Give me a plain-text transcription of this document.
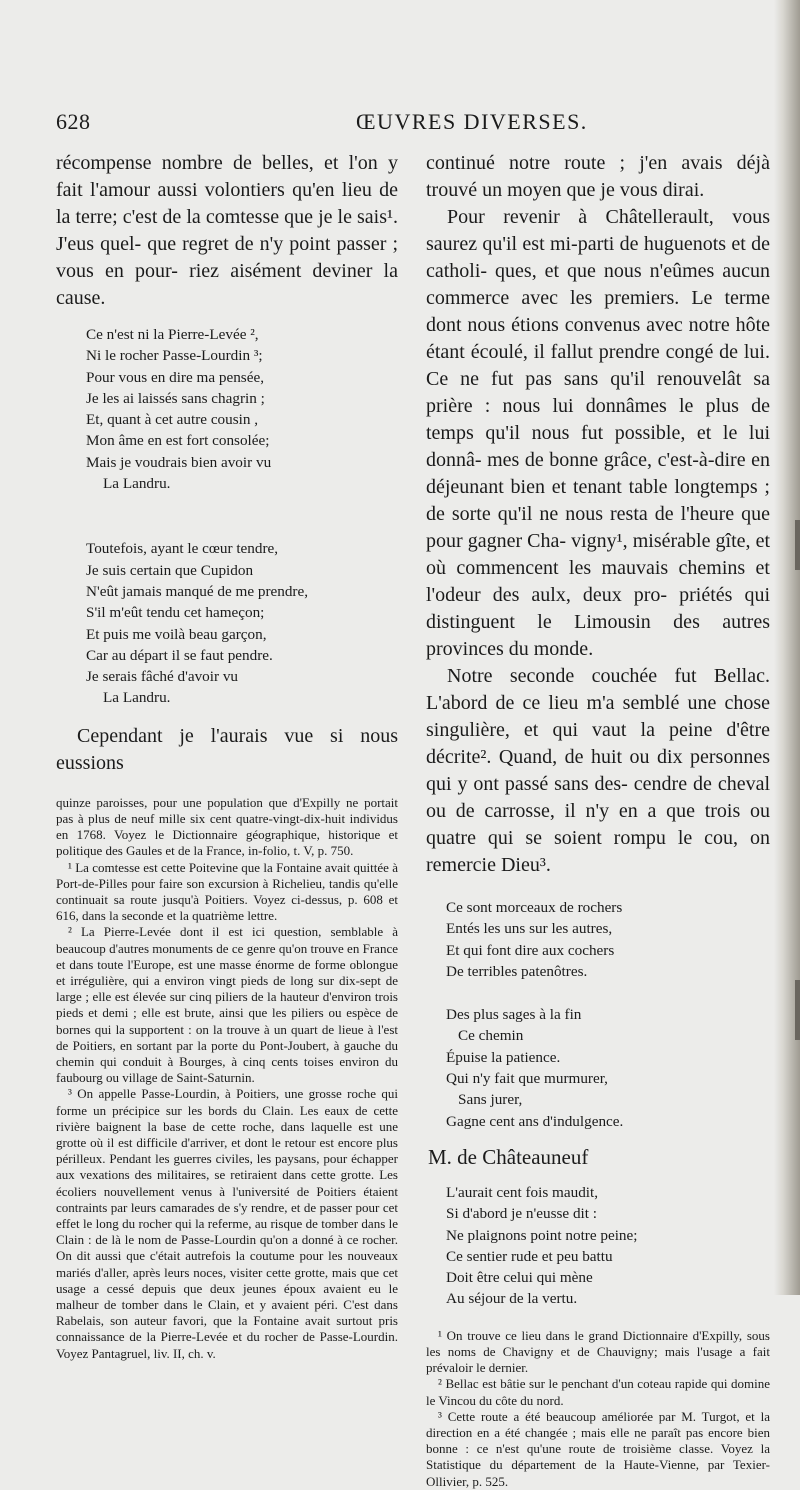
628	ŒUVRES DIVERSES.

récompense nombre de belles, et l'on y fait l'amour aussi volontiers qu'en lieu de la terre; c'est de la comtesse que je le sais¹. J'eus quel- que regret de n'y point passer ; vous en pour- riez aisément deviner la cause.

Ce n'est ni la Pierre-Levée ²,
Ni le rocher Passe-Lourdin ³;
Pour vous en dire ma pensée,
Je les ai laissés sans chagrin ;
Et, quant à cet autre cousin ,
Mon âme en est fort consolée;
Mais je voudrais bien avoir vu
La Landru.
Toutefois, ayant le cœur tendre,
Je suis certain que Cupidon
N'eût jamais manqué de me prendre,
S'il m'eût tendu cet hameçon;
Et puis me voilà beau garçon,
Car au départ il se faut pendre.
Je serais fâché d'avoir vu
La Landru.

Cependant je l'aurais vue si nous eussions

quinze paroisses, pour une population que d'Expilly ne portait pas à plus de neuf mille six cent quatre-vingt-dix-huit individus en 1768. Voyez le Dictionnaire géographique, historique et politique des Gaules et de la France, in-folio, t. V, p. 750.

¹ La comtesse est cette Poitevine que la Fontaine avait quittée à Port-de-Pilles pour faire son excursion à Richelieu, tandis qu'elle continuait sa route jusqu'à Poitiers. Voyez ci-dessus, p. 608 et 616, dans la seconde et la quatrième lettre.

² La Pierre-Levée dont il est ici question, semblable à beaucoup d'autres monuments de ce genre qu'on trouve en France et dans toute l'Europe, est une masse énorme de forme oblongue et irrégulière, qui a environ vingt pieds de long sur dix-sept de large ; elle est élevée sur cinq piliers de la hauteur d'environ trois pieds et demi ; elle est brute, ainsi que les piliers ou espèce de bornes qui la supportent : on la trouve à un quart de lieue à l'est de Poitiers, en sortant par la porte du Pont-Joubert, à gauche du chemin qui conduit à Bourges, à cinq cents toises environ du faubourg ou village de Saint-Saturnin.

³ On appelle Passe-Lourdin, à Poitiers, une grosse roche qui forme un précipice sur les bords du Clain. Les eaux de cette rivière baignent la base de cette roche, dans laquelle est une grotte où il est difficile d'arriver, et dont le retour est encore plus périlleux. Pendant les guerres civiles, les paysans, pour échapper aux vexations des militaires, se retiraient dans cette grotte. Les écoliers nouvellement venus à l'université de Poitiers étaient contraints par leurs camarades de s'y rendre, et de passer pour cet effet le long du rocher qui la referme, au risque de tomber dans le Clain : de là le nom de Passe-Lourdin qu'on a donné à ce rocher. On dit aussi que c'était autrefois la coutume pour les nouveaux mariés d'aller, après leurs noces, visiter cette grotte, mais que cet usage a cessé depuis que deux jeunes époux avaient eu le malheur de tomber dans le Clain, et y avaient péri. C'est dans Rabelais, son auteur favori, que la Fontaine avait surtout pris connaissance de la Pierre-Levée et du rocher de Passe-Lourdin. Voyez Pantagruel, liv. II, ch. v.

continué notre route ; j'en avais déjà trouvé un moyen que je vous dirai.

Pour revenir à Châtellerault, vous saurez qu'il est mi-parti de huguenots et de catholi- ques, et que nous n'eûmes aucun commerce avec les premiers. Le terme dont nous étions convenus avec notre hôte étant écoulé, il fallut prendre congé de lui. Ce ne fut pas sans qu'il renouvelât sa prière : nous lui donnâmes le plus de temps qu'il nous fut possible, et le lui donnâ- mes de bonne grâce, c'est-à-dire en déjeunant bien et tenant table longtemps ; de sorte qu'il ne nous resta de l'heure que pour gagner Cha- vigny¹, misérable gîte, et où commencent les mauvais chemins et l'odeur des aulx, deux pro- priétés qui distinguent le Limousin des autres provinces du monde.

Notre seconde couchée fut Bellac. L'abord de ce lieu m'a semblé une chose singulière, et qui vaut la peine d'être décrite². Quand, de huit ou dix personnes qui y ont passé sans des- cendre de cheval ou de carrosse, il n'y en a que trois ou quatre qui se soient rompu le cou, on remercie Dieu³.

Ce sont morceaux de rochers
Entés les uns sur les autres,
Et qui font dire aux cochers
De terribles patenôtres.
Des plus sages à la fin
Ce chemin
Épuise la patience.
Qui n'y fait que murmurer,
Sans jurer,
Gagne cent ans d'indulgence.

M. de Châteauneuf

L'aurait cent fois maudit,
Si d'abord je n'eusse dit :
Ne plaignons point notre peine;
Ce sentier rude et peu battu
Doit être celui qui mène
Au séjour de la vertu.

¹ On trouve ce lieu dans le grand Dictionnaire d'Expilly, sous les noms de Chavigny et de Chauvigny; mais l'usage a fait prévaloir le dernier.

² Bellac est bâtie sur le penchant d'un coteau rapide qui domine le Vincou du côte du nord.

³ Cette route a été beaucoup améliorée par M. Turgot, et la direction en a été changée ; mais elle ne paraît pas encore bien bonne : ce n'est qu'une route de troisième classe. Voyez la Statistique du département de la Haute-Vienne, par Texier-Ollivier, p. 525.
